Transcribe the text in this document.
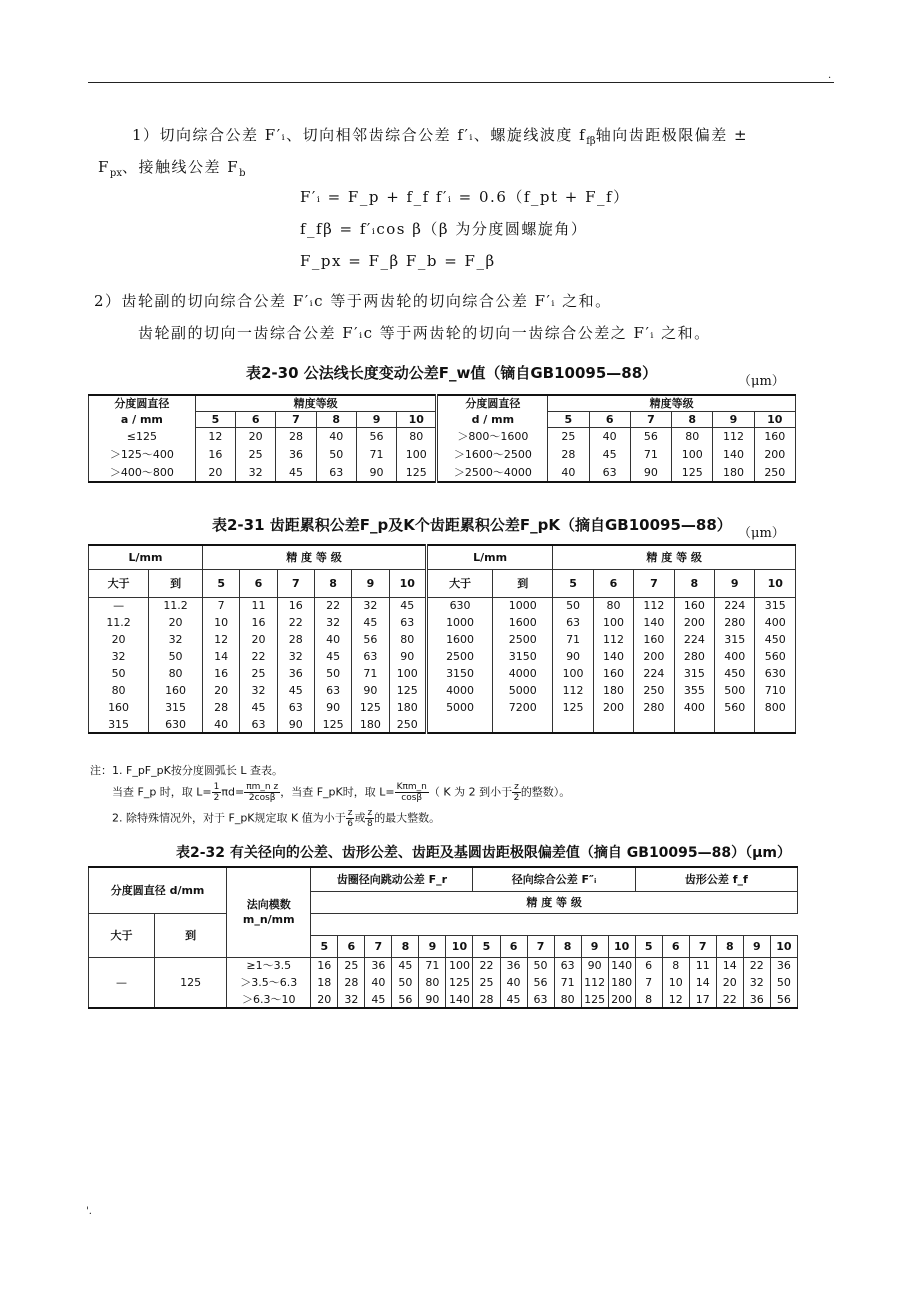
.
1）切向综合公差 F′ᵢ、切向相邻齿综合公差 f′ᵢ、螺旋线波度 $f_{f\beta}$轴向齿距极限偏差 ±
$F_{px}$、接触线公差 $F_b$
F′ᵢ = F_p + f_f f′ᵢ = 0.6（f_pt + F_f）
f_fβ = f′ᵢcos β（β 为分度圆螺旋角）
F_px = F_β F_b = F_β
2）齿轮副的切向综合公差 F′ᵢc 等于两齿轮的切向综合公差 F′ᵢ 之和。
齿轮副的切向一齿综合公差 F′ᵢc 等于两齿轮的切向一齿综合公差之 F′ᵢ 之和。
表2-30 公法线长度变动公差F_w值（镝自GB10095—88）	（μm）
分度圆直径	精度等级						分度圆直径	精度等级					
a / mm	5	6	7	8	9	10	d / mm	5	6	7	8	9	10
≤125	12	20	28	40	56	80	＞800～1600	25	40	56	80	112	160
＞125～400	16	25	36	50	71	100	＞1600～2500	28	45	71	100	140	200
＞400～800	20	32	45	63	90	125	＞2500～4000	40	63	90	125	180	250
表2-31 齿距累积公差F_p及K个齿距累积公差F_pK（摘自GB10095—88） （μm）
L/mm		精 度 等 级						L/mm		精 度 等 级					

大于	到	5	6	7	8	9	10	大于	到	5	6	7	8	9	10
—	11.2	7	11	16	22	32	45	630	1000	50	80	112	160	224	315
11.2	20	10	16	22	32	45	63	1000	1600	63	100	140	200	280	400
20	32	12	20	28	40	56	80	1600	2500	71	112	160	224	315	450
32	50	14	22	32	45	63	90	2500	3150	90	140	200	280	400	560
50	80	16	25	36	50	71	100	3150	4000	100	160	224	315	450	630
80	160	20	32	45	63	90	125	4000	5000	112	180	250	355	500	710
160	315	28	45	63	90	125	180	5000	7200	125	200	280	400	560	800
315	630	40	63	90	125	180	250								
注：1. F_pF_pK按分度圆弧长 L 查表。
当查 F_p 时，取 $L= \frac{1}{2} \pi d= \frac{\text{πm\_n z}}{2\cos\beta}$ ，当查 F_pK时，取 $L= \frac{\text{Kπm\_n}}{\cos\beta}$ （ K 为 2 到小于 $\frac{z}{2}$ 的整数）。
2. 除特殊情况外，对于 F_pK规定取 K 值为小于 $\frac{z}{6}$ 或 $\frac{z}{8}$ 的最大整数。
表2-32 有关径向的公差、齿形公差、齿距及基圆齿距极限偏差值（摘自 GB10095—88）（μm）
分度圆直径 d/mm		法向模数
m_n/mm	齿圈径向跳动公差 F_r						径向综合公差 F″ᵢ						齿形公差 f_f					
			精 度 等 级																	
大于	到																			
			5	6	7	8	9	10	5	6	7	8	9	10	5	6	7	8	9	10
—	125	≥1～3.5	16	25	36	45	71	100	22	36	50	63	90	140	6	8	11	14	22	36
		＞3.5～6.3	18	28	40	50	80	125	25	40	56	71	112	180	7	10	14	20	32	50
		＞6.3～10	20	32	45	56	90	140	28	45	63	80	125	200	8	12	17	22	36	56
'.
